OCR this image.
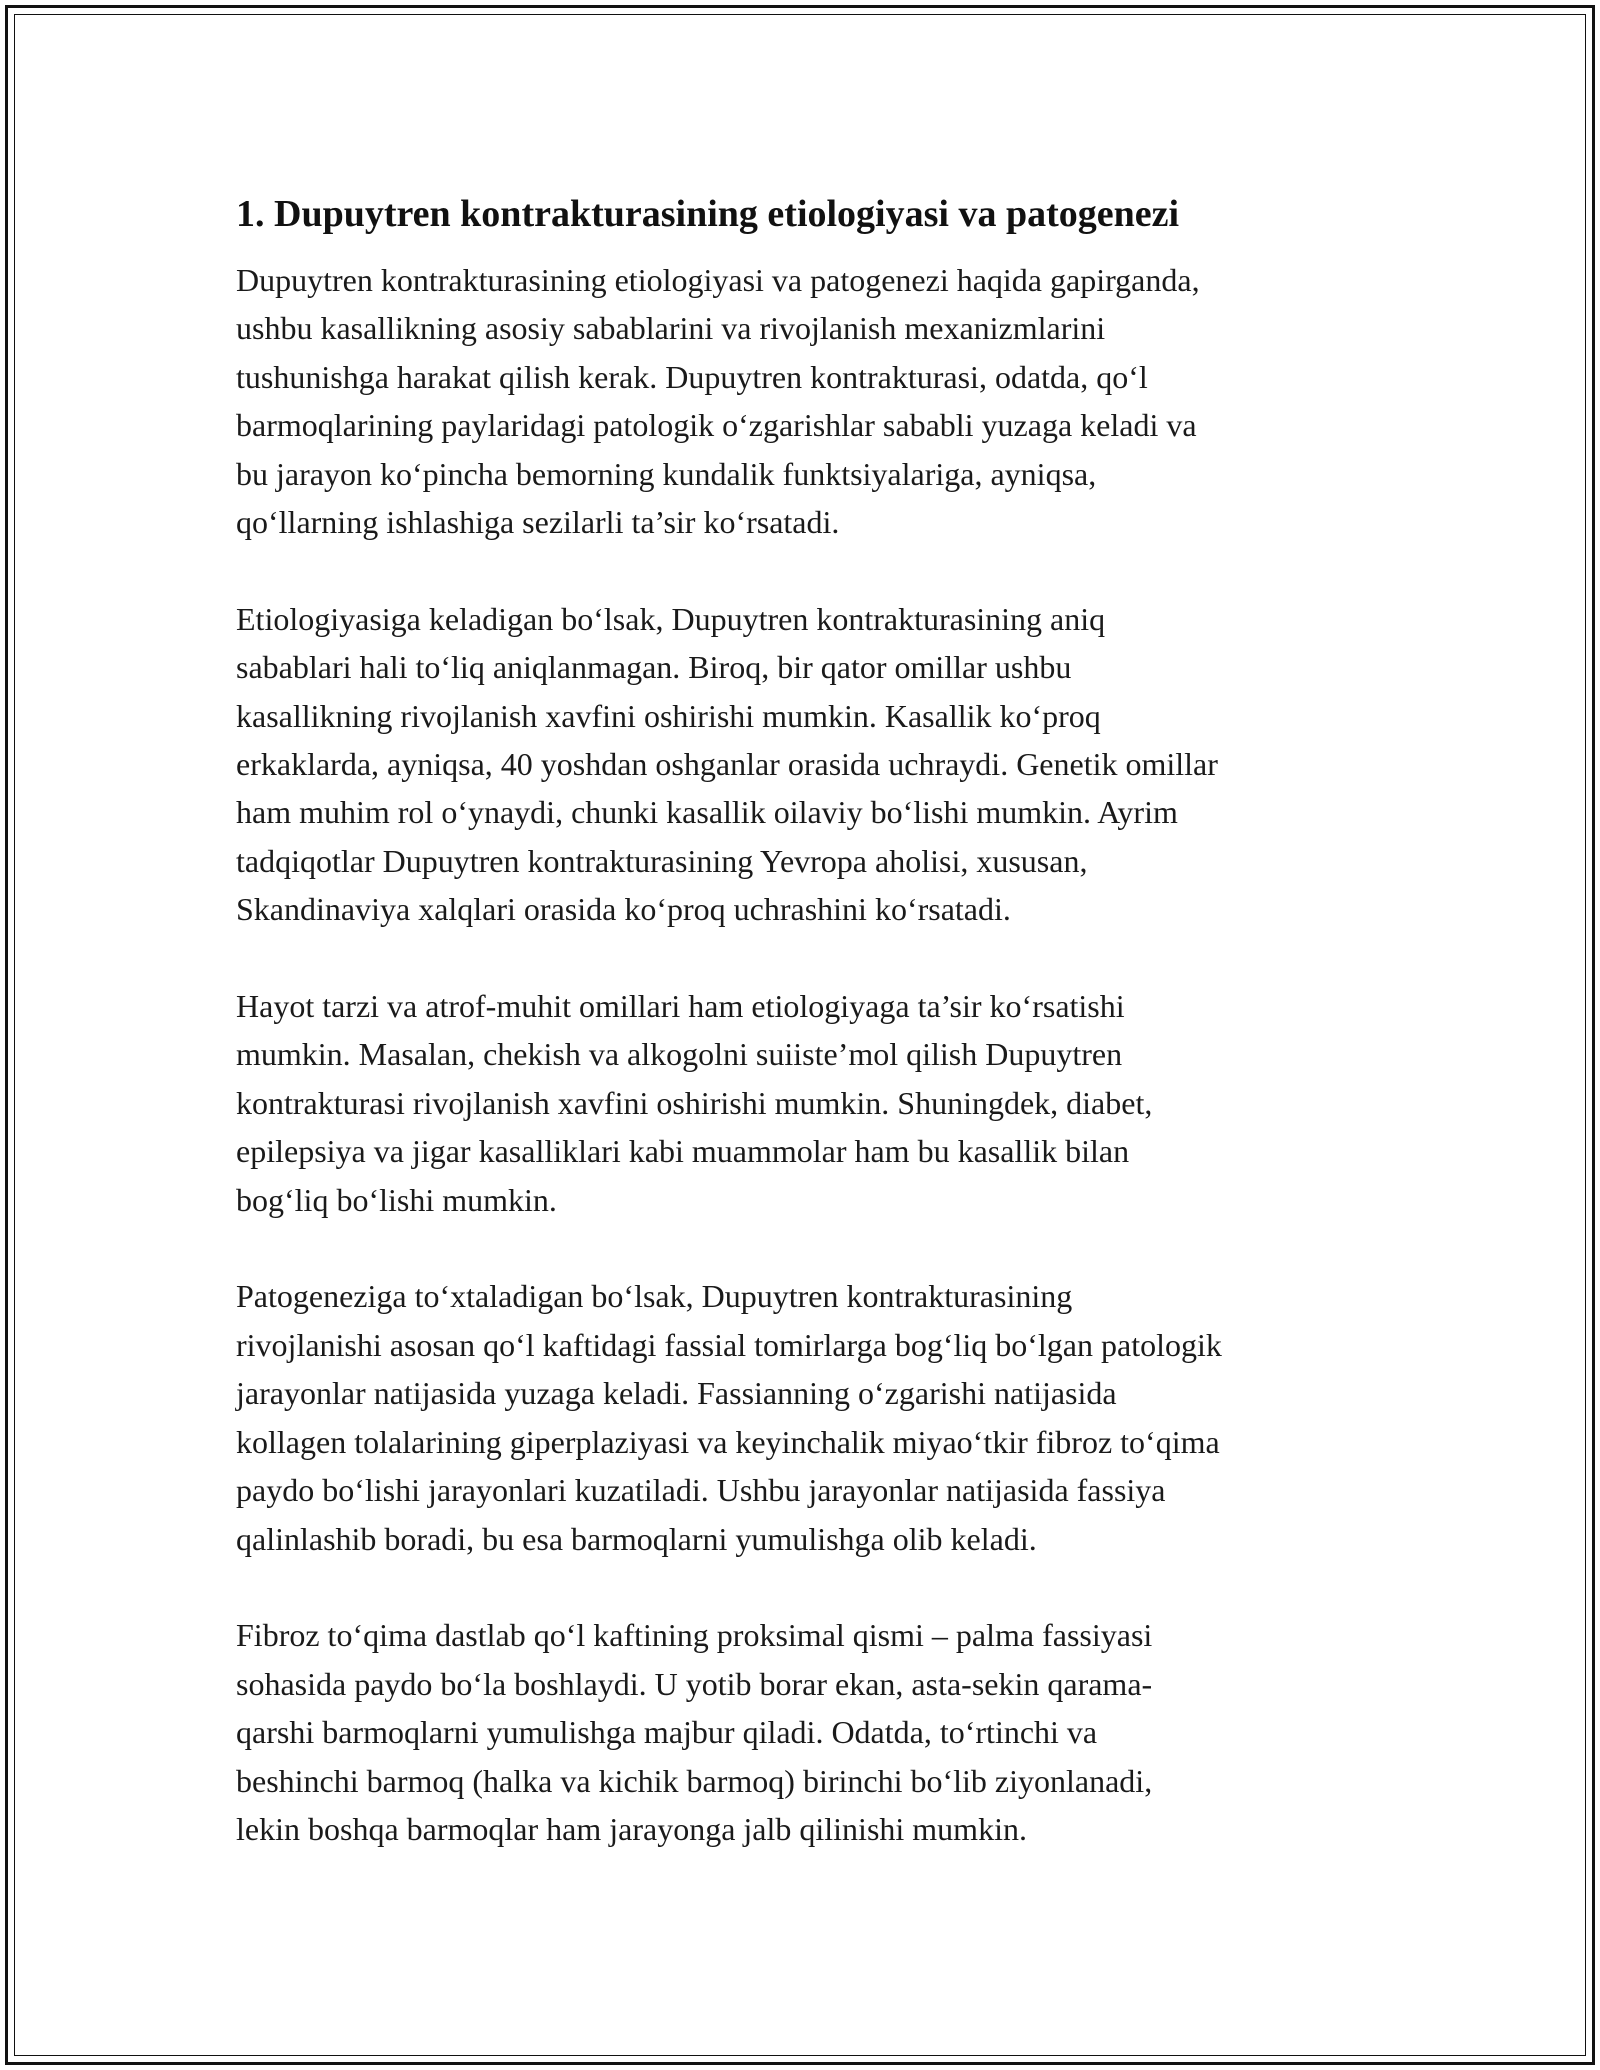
1. Dupuytren kontrakturasining etiologiyasi va patogenezi

Dupuytren kontrakturasining etiologiyasi va patogenezi haqida gapirganda,
ushbu kasallikning asosiy sabablarini va rivojlanish mexanizmlarini
tushunishga harakat qilish kerak. Dupuytren kontrakturasi, odatda, qo‘l
barmoqlarining paylaridagi patologik o‘zgarishlar sababli yuzaga keladi va
bu jarayon ko‘pincha bemorning kundalik funktsiyalariga, ayniqsa,
qo‘llarning ishlashiga sezilarli ta’sir ko‘rsatadi.

Etiologiyasiga keladigan bo‘lsak, Dupuytren kontrakturasining aniq
sabablari hali to‘liq aniqlanmagan. Biroq, bir qator omillar ushbu
kasallikning rivojlanish xavfini oshirishi mumkin. Kasallik ko‘proq
erkaklarda, ayniqsa, 40 yoshdan oshganlar orasida uchraydi. Genetik omillar
ham muhim rol o‘ynaydi, chunki kasallik oilaviy bo‘lishi mumkin. Ayrim
tadqiqotlar Dupuytren kontrakturasining Yevropa aholisi, xususan,
Skandinaviya xalqlari orasida ko‘proq uchrashini ko‘rsatadi.

Hayot tarzi va atrof-muhit omillari ham etiologiyaga ta’sir ko‘rsatishi
mumkin. Masalan, chekish va alkogolni suiiste’mol qilish Dupuytren
kontrakturasi rivojlanish xavfini oshirishi mumkin. Shuningdek, diabet,
epilepsiya va jigar kasalliklari kabi muammolar ham bu kasallik bilan
bog‘liq bo‘lishi mumkin.

Patogeneziga to‘xtaladigan bo‘lsak, Dupuytren kontrakturasining
rivojlanishi asosan qo‘l kaftidagi fassial tomirlarga bog‘liq bo‘lgan patologik
jarayonlar natijasida yuzaga keladi. Fassianning o‘zgarishi natijasida
kollagen tolalarining giperplaziyasi va keyinchalik miyao‘tkir fibroz to‘qima
paydo bo‘lishi jarayonlari kuzatiladi. Ushbu jarayonlar natijasida fassiya
qalinlashib boradi, bu esa barmoqlarni yumulishga olib keladi.

Fibroz to‘qima dastlab qo‘l kaftining proksimal qismi – palma fassiyasi
sohasida paydo bo‘la boshlaydi. U yotib borar ekan, asta-sekin qarama-
qarshi barmoqlarni yumulishga majbur qiladi. Odatda, to‘rtinchi va
beshinchi barmoq (halka va kichik barmoq) birinchi bo‘lib ziyonlanadi,
lekin boshqa barmoqlar ham jarayonga jalb qilinishi mumkin.
